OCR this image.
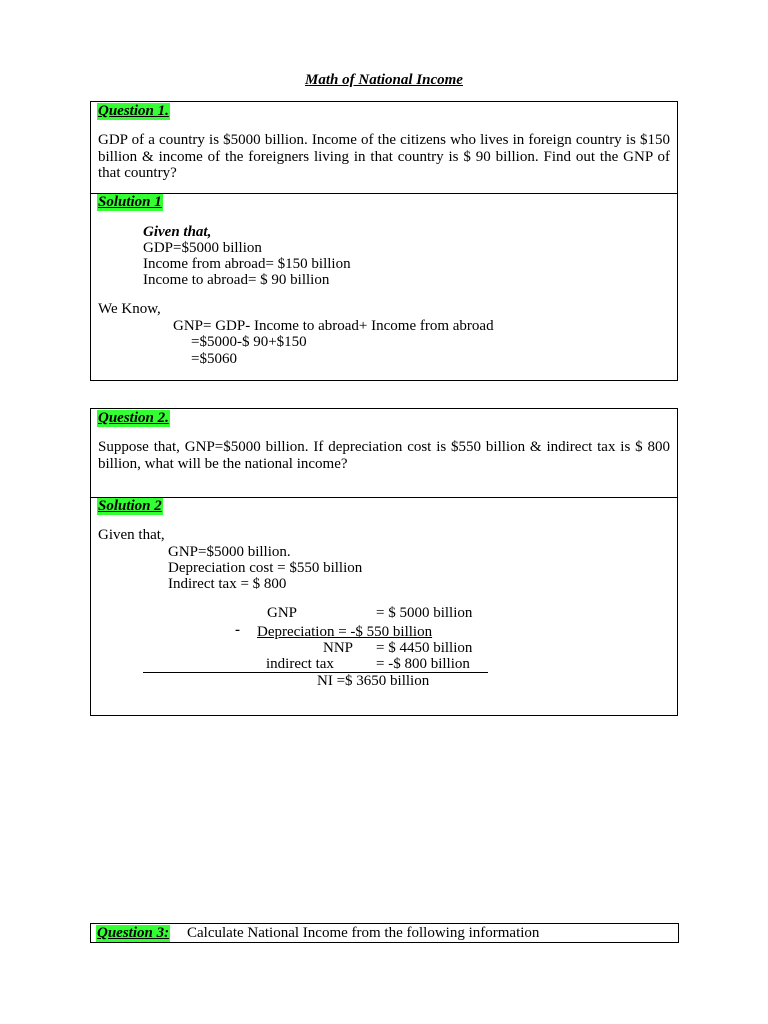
Math of National Income
Question 1.
GDP of a country is $5000 billion. Income of the citizens who lives in foreign country is $150 billion & income of the foreigners living in that country is $ 90 billion. Find out the GNP of that country?
Solution 1
Given that,
GDP=$5000 billion
Income from abroad= $150 billion
Income to abroad= $ 90 billion
We Know,
GNP= GDP- Income to abroad+ Income from abroad
=$5000-$ 90+$150
=$5060
Question 2.
Suppose that, GNP=$5000 billion. If depreciation cost is $550 billion & indirect tax is $ 800 billion, what will be the national income?
Solution 2
Given that,
GNP=$5000 billion.
Depreciation cost = $550 billion
Indirect tax = $ 800
GNP	= $ 5000 billion
- Depreciation = -$ 550 billion
NNP = $ 4450 billion
indirect tax	= -$ 800 billion
NI =$ 3650 billion
Question 3: Calculate National Income from the following information
